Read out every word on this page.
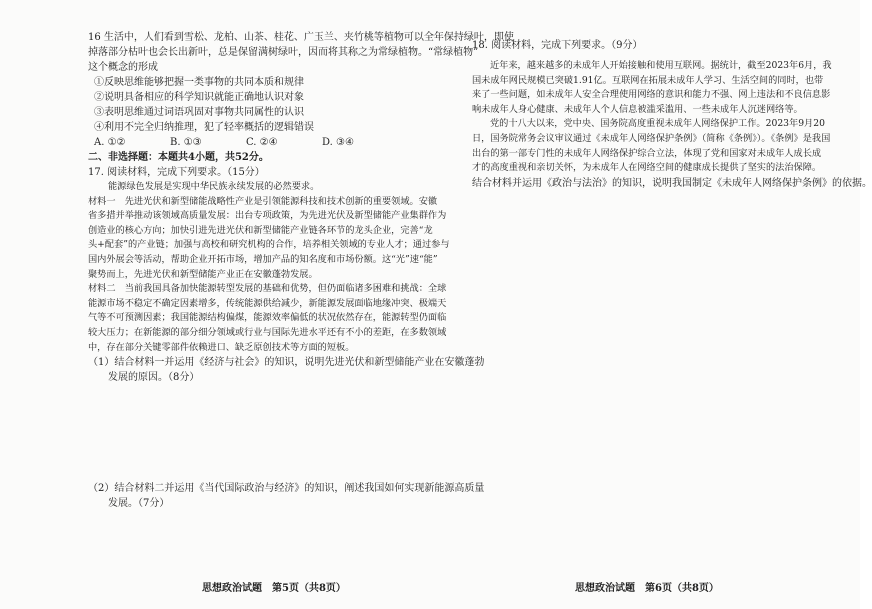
16 生活中，人们看到雪松、龙柏、山茶、桂花、广玉兰、夹竹桃等植物可以全年保持绿叶，即使
掉落部分枯叶也会长出新叶，总是保留满树绿叶，因而将其称之为常绿植物。“常绿植物”
这个概念的形成
①反映思维能够把握一类事物的共同本质和规律
②说明具备相应的科学知识就能正确地认识对象
③表明思维通过词语巩固对事物共同属性的认识
④利用不完全归纳推理，犯了轻率概括的逻辑错误
A. ①②	B. ①③	C. ②④	D. ③④
二、非选择题：本题共4小题，共52分。
17. 阅读材料，完成下列要求。（15分）
能源绿色发展是实现中华民族永续发展的必然要求。
材料一　先进光伏和新型储能战略性产业是引领能源科技和技术创新的重要领域。安徽
省多措并举推动该领域高质量发展：出台专项政策，为先进光伏及新型储能产业集群作为
创造业的核心方向；加快引进先进光伏和新型储能产业链各环节的龙头企业，完善“龙
头+配套”的产业链；加强与高校和研究机构的合作，培养相关领域的专业人才；通过参与
国内外展会等活动，帮助企业开拓市场，增加产品的知名度和市场份额。这“光”速“能”
聚势而上，先进光伏和新型储能产业正在安徽蓬勃发展。
材料二　当前我国具备加快能源转型发展的基础和优势，但仍面临诸多困难和挑战：全球
能源市场不稳定不确定因素增多，传统能源供给减少，新能源发展面临地缘冲突、极端天
气等不可预测因素；我国能源结构偏煤，能源效率偏低的状况依然存在，能源转型仍面临
较大压力；在新能源的部分细分领域或行业与国际先进水平还有不小的差距，在多数领域
中，存在部分关键零部件依赖进口、缺乏原创技术等方面的短板。
（1）结合材料一并运用《经济与社会》的知识，说明先进光伏和新型储能产业在安徽蓬勃
发展的原因。（8分）
（2）结合材料二并运用《当代国际政治与经济》的知识，阐述我国如何实现新能源高质量
发展。（7分）
18. 阅读材料，完成下列要求。（9分）
近年来，越来越多的未成年人开始接触和使用互联网。据统计，截至2023年6月，我
国未成年网民规模已突破1.91亿。互联网在拓展未成年人学习、生活空间的同时，也带
来了一些问题，如未成年人安全合理使用网络的意识和能力不强、网上违法和不良信息影
响未成年人身心健康、未成年人个人信息被滥采滥用、一些未成年人沉迷网络等。
党的十八大以来，党中央、国务院高度重视未成年人网络保护工作。2023年9月20
日，国务院常务会议审议通过《未成年人网络保护条例》（简称《条例》）。《条例》是我国
出台的第一部专门性的未成年人网络保护综合立法，体现了党和国家对未成年人成长成
才的高度重视和亲切关怀，为未成年人在网络空间的健康成长提供了坚实的法治保障。
结合材料并运用《政治与法治》的知识，说明我国制定《未成年人网络保护条例》的依据。
思想政治试题　第5页（共8页）	思想政治试题　第6页（共8页）
